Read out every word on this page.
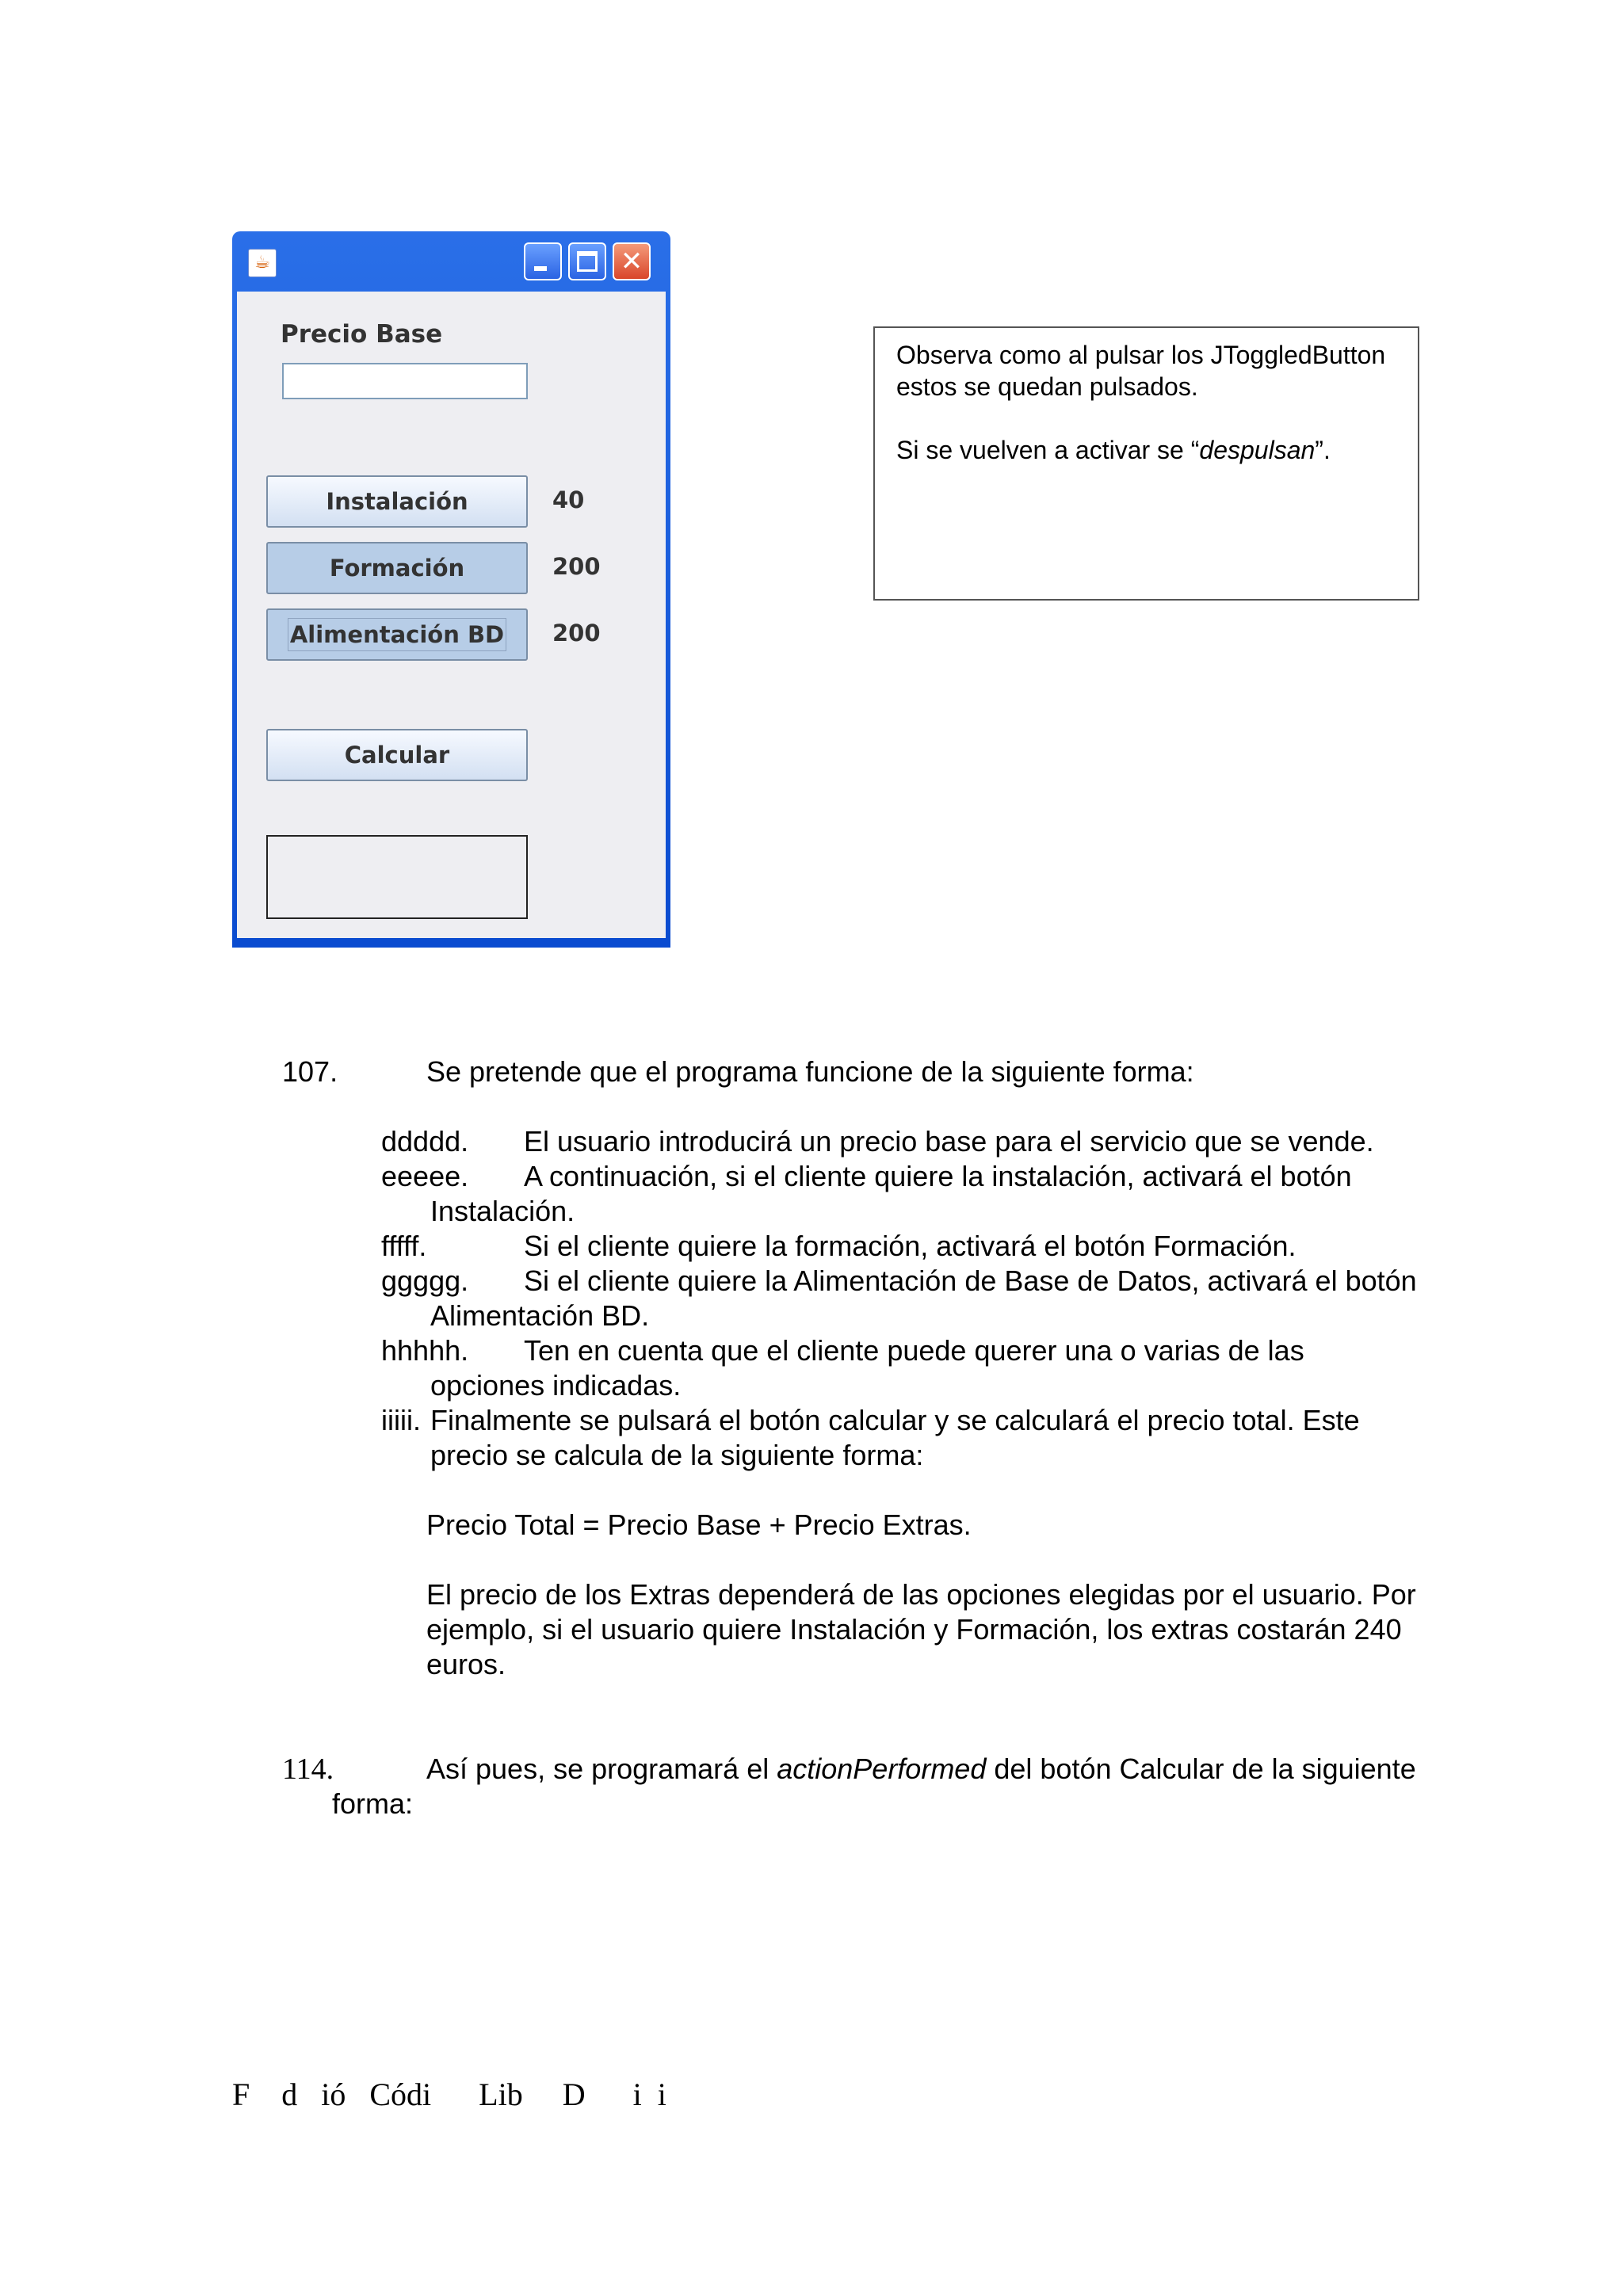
☕	✕
Precio Base
Instalación	40
Formación	200
Alimentación BD	200
Calcular

Observa como al pulsar los JToggledButton estos se quedan pulsados.

Si se vuelven a activar se “despulsan”.

107.	Se pretende que el programa funcione de la siguiente forma:
ddddd. El usuario introducirá un precio base para el servicio que se vende.
eeeee. A continuación, si el cliente quiere la instalación, activará el botón
Instalación.
fffff.	Si el cliente quiere la formación, activará el botón Formación.
ggggg. Si el cliente quiere la Alimentación de Base de Datos, activará el botón
Alimentación BD.
hhhhh. Ten en cuenta que el cliente puede querer una o varias de las
opciones indicadas.
iiiii. Finalmente se pulsará el botón calcular y se calculará el precio total. Este
precio se calcula de la siguiente forma:
Precio Total = Precio Base + Precio Extras.
El precio de los Extras dependerá de las opciones elegidas por el usuario. Por
ejemplo, si el usuario quiere Instalación y Formación, los extras costarán 240
euros.
114.	Así pues, se programará el actionPerformed del botón Calcular de la siguiente
forma:
F    d   ió   Códi      Lib     D      i  i
